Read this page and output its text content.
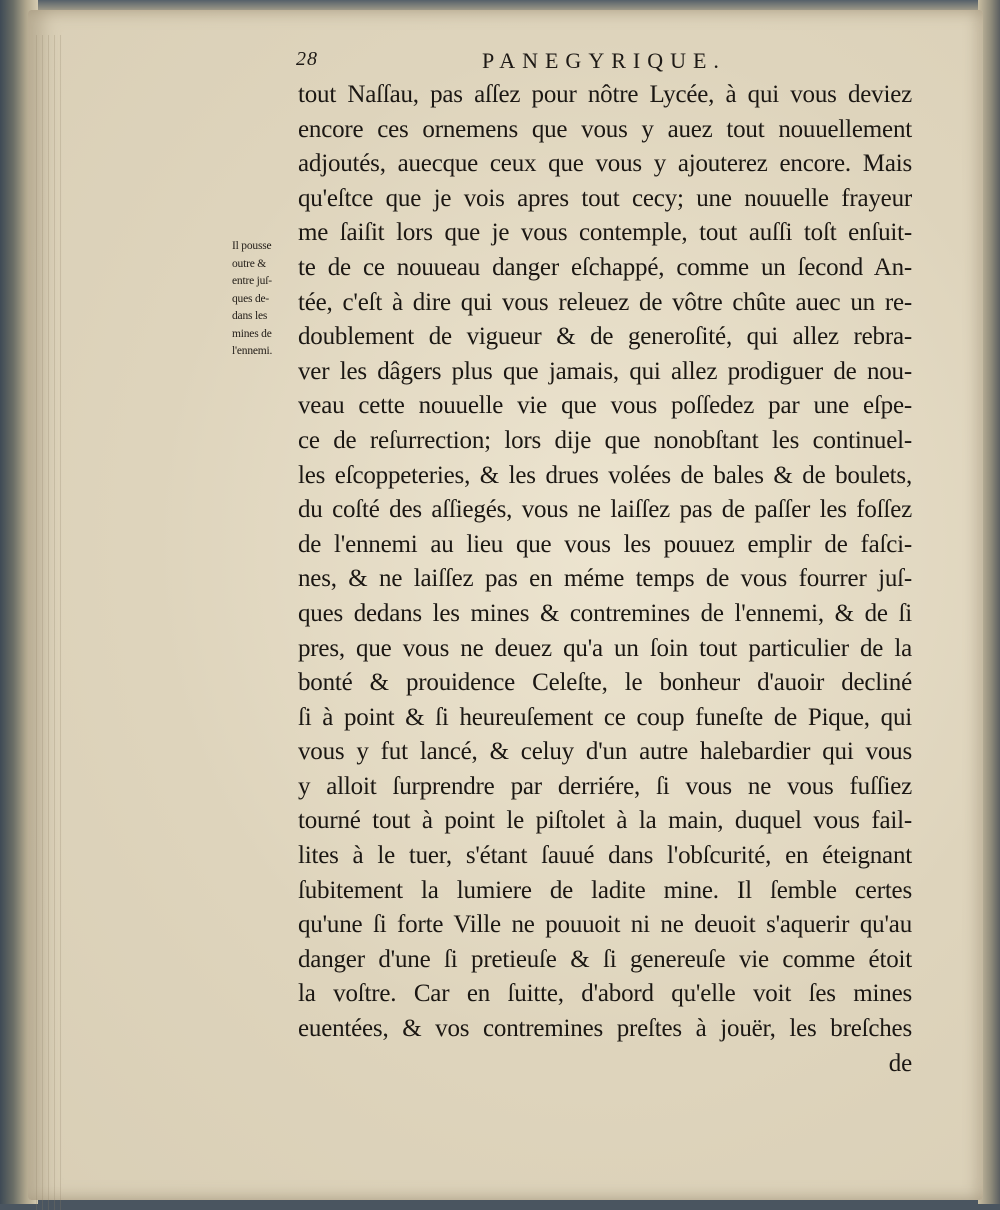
28	PANEGYRIQUE.
Il pousse
outre &
entre juſ-
ques de-
dans les
mines de
l'ennemi.
tout Naſſau, pas aſſez pour nôtre Lycée, à qui vous deviez
encore ces ornemens que vous y auez tout nouuellement
adjoutés, auecque ceux que vous y ajouterez encore. Mais
qu'eſtce que je vois apres tout cecy; une nouuelle frayeur
me ſaiſit lors que je vous contemple, tout auſſi toſt enſuit-
te de ce nouueau danger eſchappé, comme un ſecond An-
tée, c'eſt à dire qui vous releuez de vôtre chûte auec un re-
doublement de vigueur & de generoſité, qui allez rebra-
ver les dâgers plus que jamais, qui allez prodiguer de nou-
veau cette nouuelle vie que vous poſſedez par une eſpe-
ce de reſurrection; lors dije que nonobſtant les continuel-
les eſcoppeteries, & les drues volées de bales & de boulets,
du coſté des aſſiegés, vous ne laiſſez pas de paſſer les foſſez
de l'ennemi au lieu que vous les pouuez emplir de faſci-
nes, & ne laiſſez pas en méme temps de vous fourrer juſ-
ques dedans les mines & contremines de l'ennemi, & de ſi
pres, que vous ne deuez qu'a un ſoin tout particulier de la
bonté & prouidence Celeſte, le bonheur d'auoir decliné
ſi à point & ſi heureuſement ce coup funeſte de Pique, qui
vous y fut lancé, & celuy d'un autre halebardier qui vous
y alloit ſurprendre par derriére, ſi vous ne vous fuſſiez
tourné tout à point le piſtolet à la main, duquel vous fail-
lites à le tuer, s'étant ſauué dans l'obſcurité, en éteignant
ſubitement la lumiere de ladite mine. Il ſemble certes
qu'une ſi forte Ville ne pouuoit ni ne deuoit s'aquerir qu'au
danger d'une ſi pretieuſe & ſi genereuſe vie comme étoit
la voſtre. Car en ſuitte, d'abord qu'elle voit ſes mines
euentées, & vos contremines preſtes à jouër, les breſches
de
